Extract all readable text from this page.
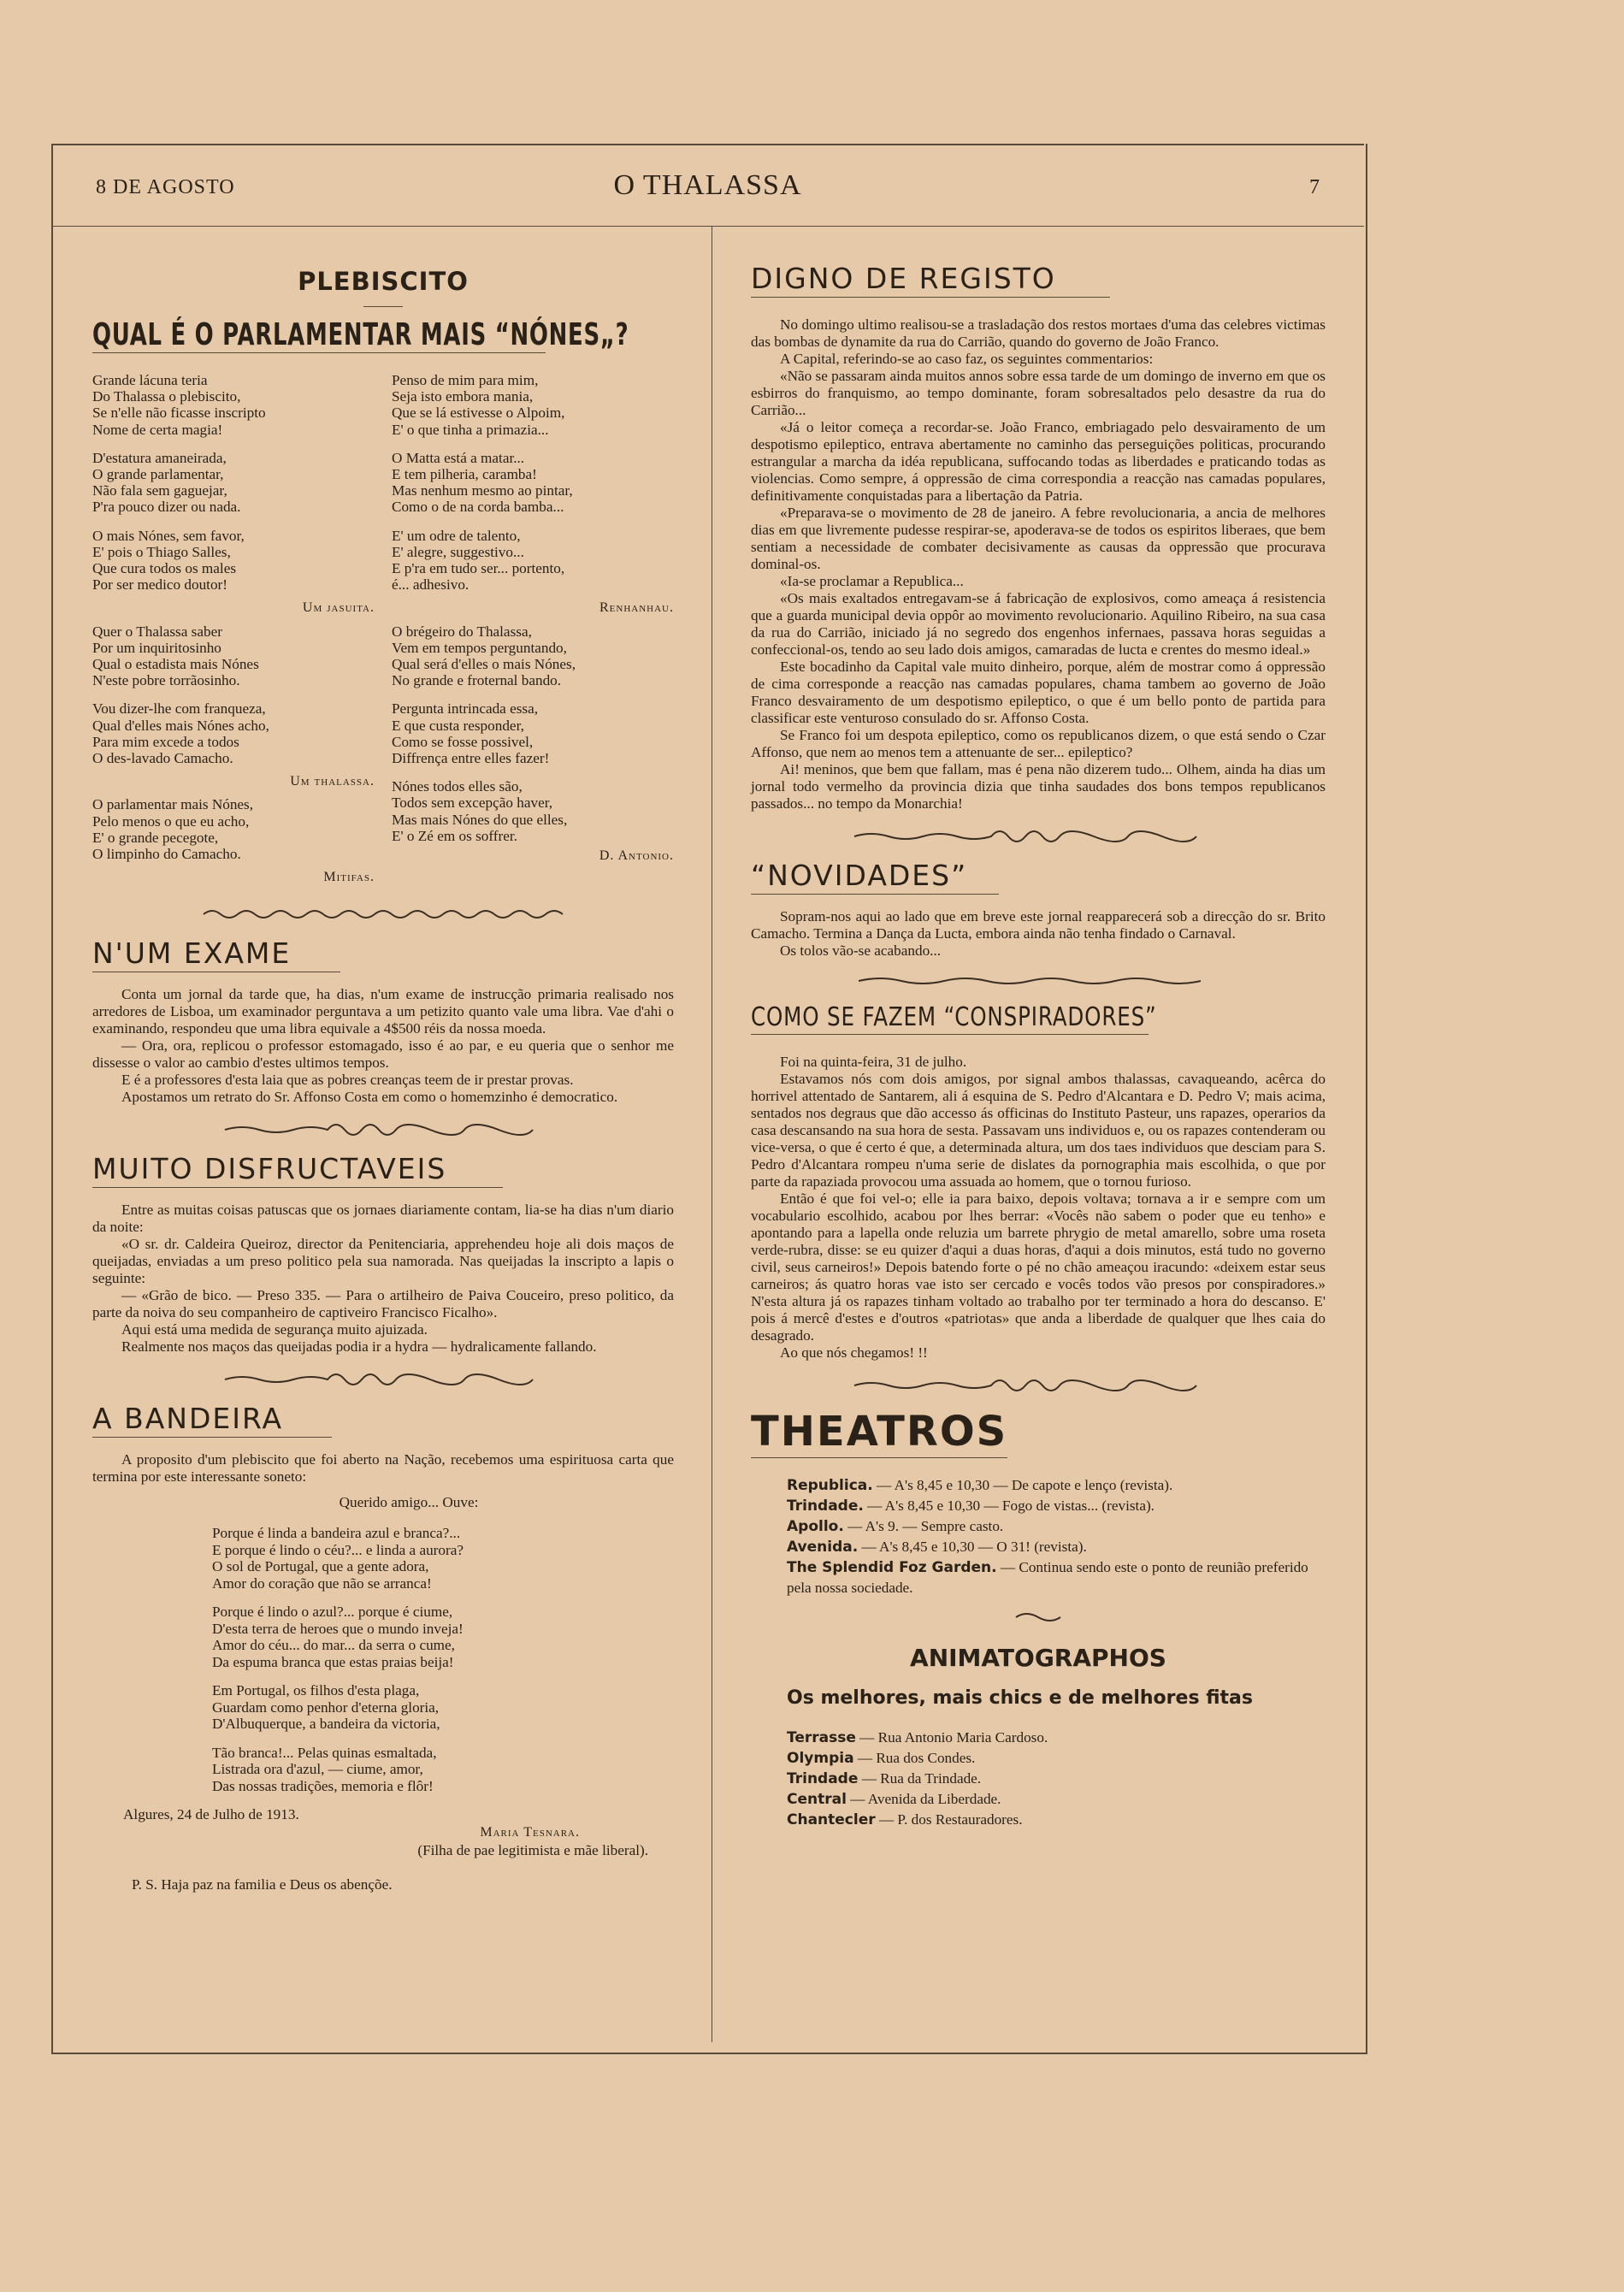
8 DE AGOSTO	O THALASSA	7
PLEBISCITO
QUAL É O PARLAMENTAR MAIS “NÓNES„?
Grande lácuna teria
Do Thalassa o plebiscito,
Se n'elle não ficasse inscripto
Nome de certa magia!
D'estatura amaneirada,
O grande parlamentar,
Não fala sem gaguejar,
P'ra pouco dizer ou nada.
O mais Nónes, sem favor,
E' pois o Thiago Salles,
Que cura todos os males
Por ser medico doutor!
Um jasuita.
Quer o Thalassa saber
Por um inquiritosinho
Qual o estadista mais Nónes
N'este pobre torrãosinho.
Vou dizer-lhe com franqueza,
Qual d'elles mais Nónes acho,
Para mim excede a todos
O des-lavado Camacho.
Um thalassa.
O parlamentar mais Nónes,
Pelo menos o que eu acho,
E' o grande pecegote,
O limpinho do Camacho.
Mitifas.
Penso de mim para mim,
Seja isto embora mania,
Que se lá estivesse o Alpoim,
E' o que tinha a primazia...
O Matta está a matar...
E tem pilheria, caramba!
Mas nenhum mesmo ao pintar,
Como o de na corda bamba...
E' um odre de talento,
E' alegre, suggestivo...
E p'ra em tudo ser... portento,
é... adhesivo.
Renhanhau.
O brégeiro do Thalassa,
Vem em tempos perguntando,
Qual será d'elles o mais Nónes,
No grande e froternal bando.
Pergunta intrincada essa,
E que custa responder,
Como se fosse possivel,
Diffrença entre elles fazer!
Nónes todos elles são,
Todos sem excepção haver,
Mas mais Nónes do que elles,
E' o Zé em os soffrer.
D. Antonio.
N'UM EXAME

Conta um jornal da tarde que, ha dias, n'um exame de instrucção primaria realisado nos arredores de Lisboa, um examinador perguntava a um petizito quanto vale uma libra. Vae d'ahi o examinando, respondeu que uma libra equivale a 4$500 réis da nossa moeda.

— Ora, ora, replicou o professor estomagado, isso é ao par, e eu queria que o senhor me dissesse o valor ao cambio d'estes ultimos tempos.

E é a professores d'esta laia que as pobres creanças teem de ir prestar provas.

Apostamos um retrato do Sr. Affonso Costa em como o homemzinho é democratico.

MUITO DISFRUCTAVEIS

Entre as muitas coisas patuscas que os jornaes diariamente contam, lia-se ha dias n'um diario da noite:

«O sr. dr. Caldeira Queiroz, director da Penitenciaria, apprehendeu hoje ali dois maços de queijadas, enviadas a um preso politico pela sua namorada. Nas queijadas la inscripto a lapis o seguinte:

— «Grão de bico. — Preso 335. — Para o artilheiro de Paiva Couceiro, preso politico, da parte da noiva do seu companheiro de captiveiro Francisco Ficalho».

Aqui está uma medida de segurança muito ajuizada.

Realmente nos maços das queijadas podia ir a hydra — hydralicamente fallando.

A BANDEIRA

A proposito d'um plebiscito que foi aberto na Nação, recebemos uma espirituosa carta que termina por este interessante soneto:

Querido amigo... Ouve:
Porque é linda a bandeira azul e branca?...
E porque é lindo o céu?... e linda a aurora?
O sol de Portugal, que a gente adora,
Amor do coração que não se arranca!
Porque é lindo o azul?... porque é ciume,
D'esta terra de heroes que o mundo inveja!
Amor do céu... do mar... da serra o cume,
Da espuma branca que estas praias beija!
Em Portugal, os filhos d'esta plaga,
Guardam como penhor d'eterna gloria,
D'Albuquerque, a bandeira da victoria,
Tão branca!... Pelas quinas esmaltada,
Listrada ora d'azul, — ciume, amor,
Das nossas tradições, memoria e flôr!
Algures, 24 de Julho de 1913.
Maria Tesnara.
(Filha de pae legitimista e mãe liberal).
P. S. Haja paz na familia e Deus os abençõe.
DIGNO DE REGISTO

No domingo ultimo realisou-se a trasladação dos restos mortaes d'uma das celebres victimas das bombas de dynamite da rua do Carrião, quando do governo de João Franco.

A Capital, referindo-se ao caso faz, os seguintes commentarios:

«Não se passaram ainda muitos annos sobre essa tarde de um domingo de inverno em que os esbirros do franquismo, ao tempo dominante, foram sobresaltados pelo desastre da rua do Carrião...

«Já o leitor começa a recordar-se. João Franco, embriagado pelo desvairamento de um despotismo epileptico, entrava abertamente no caminho das perseguições politicas, procurando estrangular a marcha da idéa republicana, suffocando todas as liberdades e praticando todas as violencias. Como sempre, á oppressão de cima correspondia a reacção nas camadas populares, definitivamente conquistadas para a libertação da Patria.

«Preparava-se o movimento de 28 de janeiro. A febre revolucionaria, a ancia de melhores dias em que livremente pudesse respirar-se, apoderava-se de todos os espiritos liberaes, que bem sentiam a necessidade de combater decisivamente as causas da oppressão que procurava dominal-os.

«Ia-se proclamar a Republica...

«Os mais exaltados entregavam-se á fabricação de explosivos, como ameaça á resistencia que a guarda municipal devia oppôr ao movimento revolucionario. Aquilino Ribeiro, na sua casa da rua do Carrião, iniciado já no segredo dos engenhos infernaes, passava horas seguidas a confeccional-os, tendo ao seu lado dois amigos, camaradas de lucta e crentes do mesmo ideal.»

Este bocadinho da Capital vale muito dinheiro, porque, além de mostrar como á oppressão de cima corresponde a reacção nas camadas populares, chama tambem ao governo de João Franco desvairamento de um despotismo epileptico, o que é um bello ponto de partida para classificar este venturoso consulado do sr. Affonso Costa.

Se Franco foi um despota epileptico, como os republicanos dizem, o que está sendo o Czar Affonso, que nem ao menos tem a attenuante de ser... epileptico?

Ai! meninos, que bem que fallam, mas é pena não dizerem tudo... Olhem, ainda ha dias um jornal todo vermelho da provincia dizia que tinha saudades dos bons tempos republicanos passados... no tempo da Monarchia!

“NOVIDADES”

Sopram-nos aqui ao lado que em breve este jornal reapparecerá sob a direcção do sr. Brito Camacho. Termina a Dança da Lucta, embora ainda não tenha findado o Carnaval.

Os tolos vão-se acabando...

COMO SE FAZEM “CONSPIRADORES”

Foi na quinta-feira, 31 de julho.

Estavamos nós com dois amigos, por signal ambos thalassas, cavaqueando, acêrca do horrivel attentado de Santarem, ali á esquina de S. Pedro d'Alcantara e D. Pedro V; mais acima, sentados nos degraus que dão accesso ás officinas do Instituto Pasteur, uns rapazes, operarios da casa descansando na sua hora de sesta. Passavam uns individuos e, ou os rapazes contenderam ou vice-versa, o que é certo é que, a determinada altura, um dos taes individuos que desciam para S. Pedro d'Alcantara rompeu n'uma serie de dislates da pornographia mais escolhida, o que por parte da rapaziada provocou uma assuada ao homem, que o tornou furioso.

Então é que foi vel-o; elle ia para baixo, depois voltava; tornava a ir e sempre com um vocabulario escolhido, acabou por lhes berrar: «Vocês não sabem o poder que eu tenho» e apontando para a lapella onde reluzia um barrete phrygio de metal amarello, sobre uma roseta verde-rubra, disse: se eu quizer d'aqui a duas horas, d'aqui a dois minutos, está tudo no governo civil, seus carneiros!» Depois batendo forte o pé no chão ameaçou iracundo: «deixem estar seus carneiros; ás quatro horas vae isto ser cercado e vocês todos vão presos por conspiradores.» N'esta altura já os rapazes tinham voltado ao trabalho por ter terminado a hora do descanso. E' pois á mercê d'estes e d'outros «patriotas» que anda a liberdade de qualquer que lhes caia do desagrado.

Ao que nós chegamos! !!

THEATROS
Republica. — A's 8,45 e 10,30 — De capote e lenço (revista).
Trindade. — A's 8,45 e 10,30 — Fogo de vistas... (revista).
Apollo. — A's 9. — Sempre casto.
Avenida. — A's 8,45 e 10,30 — O 31! (revista).
The Splendid Foz Garden. — Continua sendo este o ponto de reunião preferido pela nossa sociedade.
ANIMATOGRAPHOS
Os melhores, mais chics e de melhores fitas
Terrasse — Rua Antonio Maria Cardoso.
Olympia — Rua dos Condes.
Trindade — Rua da Trindade.
Central — Avenida da Liberdade.
Chantecler — P. dos Restauradores.
